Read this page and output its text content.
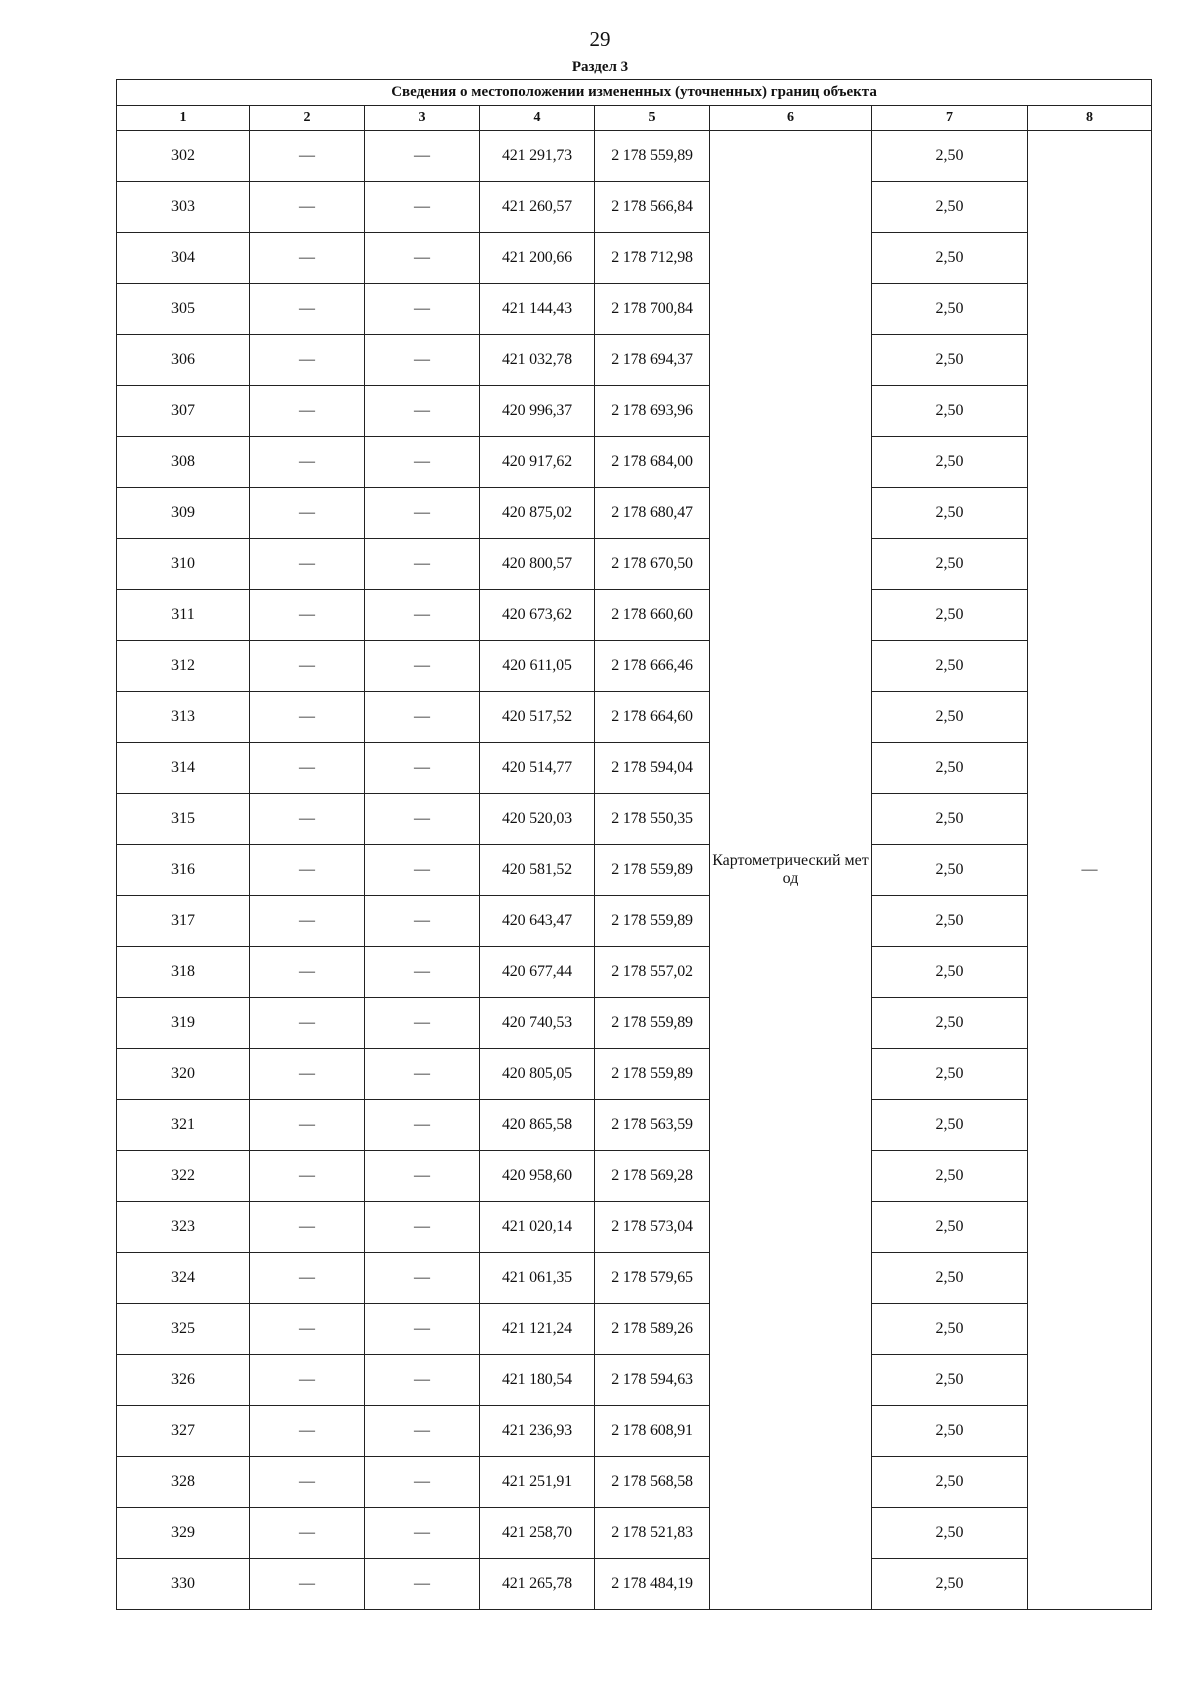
29
Раздел 3
Сведения о местоположении измененных (уточненных) границ объекта							
1	2	3	4	5	6	7	8
302	—	—	421 291,73	2 178 559,89	Картометрический метод	2,50	—
303	—	—	421 260,57	2 178 566,84		2,50	
304	—	—	421 200,66	2 178 712,98		2,50	
305	—	—	421 144,43	2 178 700,84		2,50	
306	—	—	421 032,78	2 178 694,37		2,50	
307	—	—	420 996,37	2 178 693,96		2,50	
308	—	—	420 917,62	2 178 684,00		2,50	
309	—	—	420 875,02	2 178 680,47		2,50	
310	—	—	420 800,57	2 178 670,50		2,50	
311	—	—	420 673,62	2 178 660,60		2,50	
312	—	—	420 611,05	2 178 666,46		2,50	
313	—	—	420 517,52	2 178 664,60		2,50	
314	—	—	420 514,77	2 178 594,04		2,50	
315	—	—	420 520,03	2 178 550,35		2,50	
316	—	—	420 581,52	2 178 559,89		2,50	
317	—	—	420 643,47	2 178 559,89		2,50	
318	—	—	420 677,44	2 178 557,02		2,50	
319	—	—	420 740,53	2 178 559,89		2,50	
320	—	—	420 805,05	2 178 559,89		2,50	
321	—	—	420 865,58	2 178 563,59		2,50	
322	—	—	420 958,60	2 178 569,28		2,50	
323	—	—	421 020,14	2 178 573,04		2,50	
324	—	—	421 061,35	2 178 579,65		2,50	
325	—	—	421 121,24	2 178 589,26		2,50	
326	—	—	421 180,54	2 178 594,63		2,50	
327	—	—	421 236,93	2 178 608,91		2,50	
328	—	—	421 251,91	2 178 568,58		2,50	
329	—	—	421 258,70	2 178 521,83		2,50	
330	—	—	421 265,78	2 178 484,19		2,50	
